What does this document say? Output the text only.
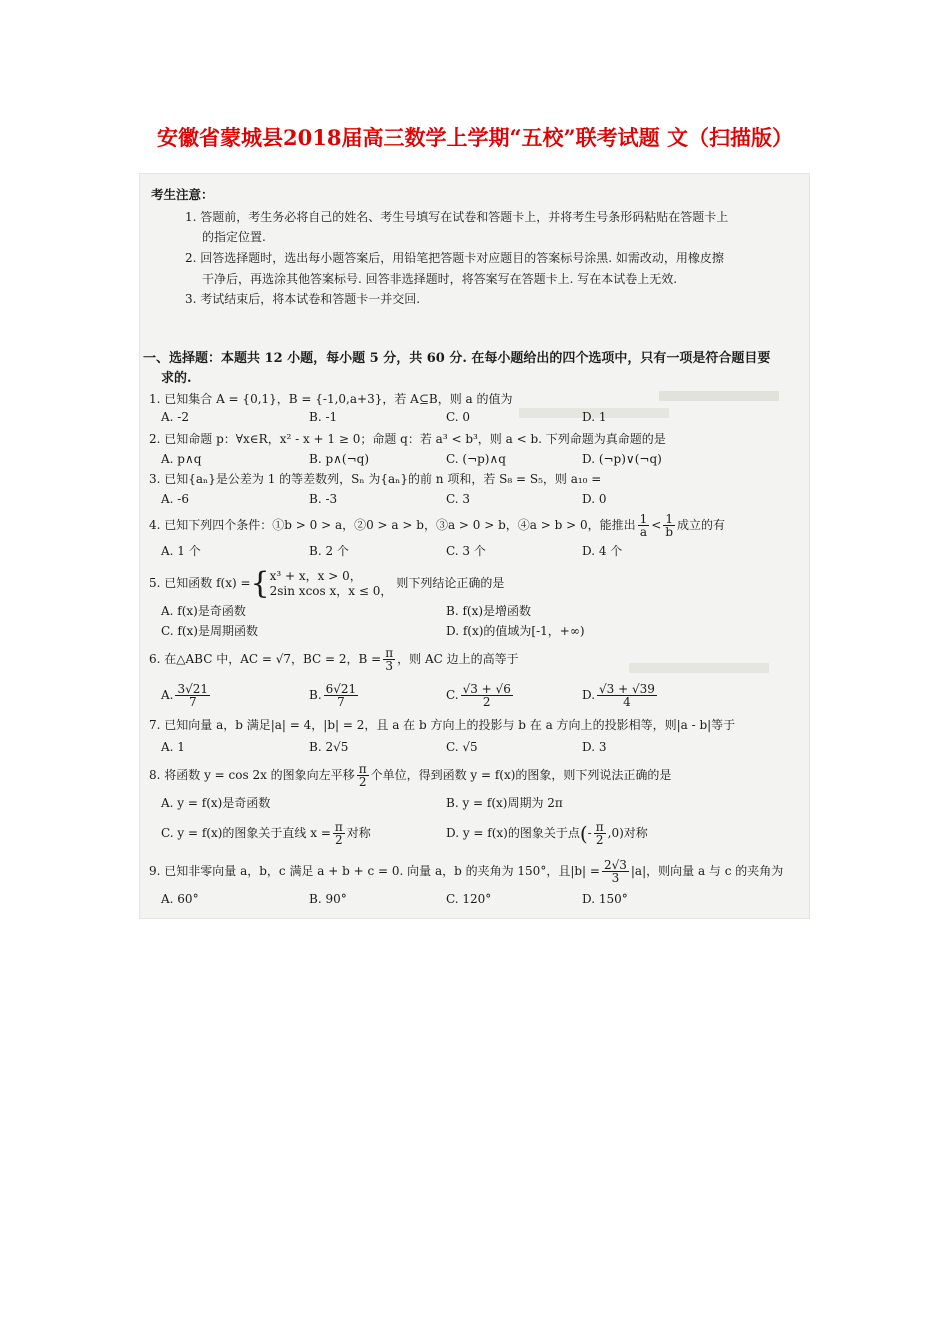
安徽省蒙城县2018届高三数学上学期“五校”联考试题 文（扫描版）
考生注意：
1. 答题前，考生务必将自己的姓名、考生号填写在试卷和答题卡上，并将考生号条形码粘贴在答题卡上
的指定位置.
2. 回答选择题时，选出每小题答案后，用铅笔把答题卡对应题目的答案标号涂黑. 如需改动，用橡皮擦
干净后，再选涂其他答案标号. 回答非选择题时，将答案写在答题卡上. 写在本试卷上无效.
3. 考试结束后，将本试卷和答题卡一并交回.
一、选择题：本题共 12 小题，每小题 5 分，共 60 分. 在每小题给出的四个选项中，只有一项是符合题目要
求的.
1. 已知集合 A = {0,1}，B = {-1,0,a+3}，若 A⊆B，则 a 的值为
A. -2	B. -1	C. 0	D. 1
2. 已知命题 p：∀x∈R，x² - x + 1 ≥ 0；命题 q：若 a³ < b³，则 a < b. 下列命题为真命题的是
A. p∧q	B. p∧(¬q)	C. (¬p)∧q	D. (¬p)∨(¬q)
3. 已知{aₙ}是公差为 1 的等差数列，Sₙ 为{aₙ}的前 n 项和，若 S₈ = S₅，则 a₁₀ =
A. -6	B. -3	C. 3	D. 0
4. 已知下列四个条件：①b > 0 > a，②0 > a > b，③a > 0 > b，④a > b > 0，能推出 $\frac{1}{a} < \frac{1}{b}$ 成立的有
A. 1 个	B. 2 个	C. 3 个	D. 4 个
5. 已知函数 f(x) ={ x³ + x，x > 0，
2sin xcos x，x ≤ 0，
则下列结论正确的是
A. f(x)是奇函数	B. f(x)是增函数
C. f(x)是周期函数	D. f(x)的值域为[-1，+∞)
6. 在△ABC 中，AC = √7，BC = 2，$B = \frac{\pi}{3}$ ，则 AC 边上的高等于
A. $\frac{3√21}{7}$	B. $\frac{6√21}{7}$	C. $\frac{√3 + √6}{2}$	D. $\frac{√3 + √39}{4}$
7. 已知向量 a，b 满足|a| = 4，|b| = 2，且 a 在 b 方向上的投影与 b 在 a 方向上的投影相等，则|a - b|等于
A. 1	B. 2√5	C. √5	D. 3
8. 将函数 y = cos 2x 的图象向左平移 $\frac{\pi}{2}$ 个单位，得到函数 y = f(x)的图象，则下列说法正确的是
A. y = f(x)是奇函数	B. y = f(x)周期为 2π
C. y = f(x)的图象关于直线 $x = \frac{\pi}{2}$ 对称	D. y = f(x)的图象关于点(- $\frac{\pi}{2} ,0$)对称
9. 已知非零向量 a，b，c 满足 a + b + c = 0. 向量 a，b 的夹角为 150°，且$|b| = \frac{2√3}{3} |a|$，则向量 a 与 c 的夹角为
A. 60°	B. 90°	C. 120°	D. 150°
